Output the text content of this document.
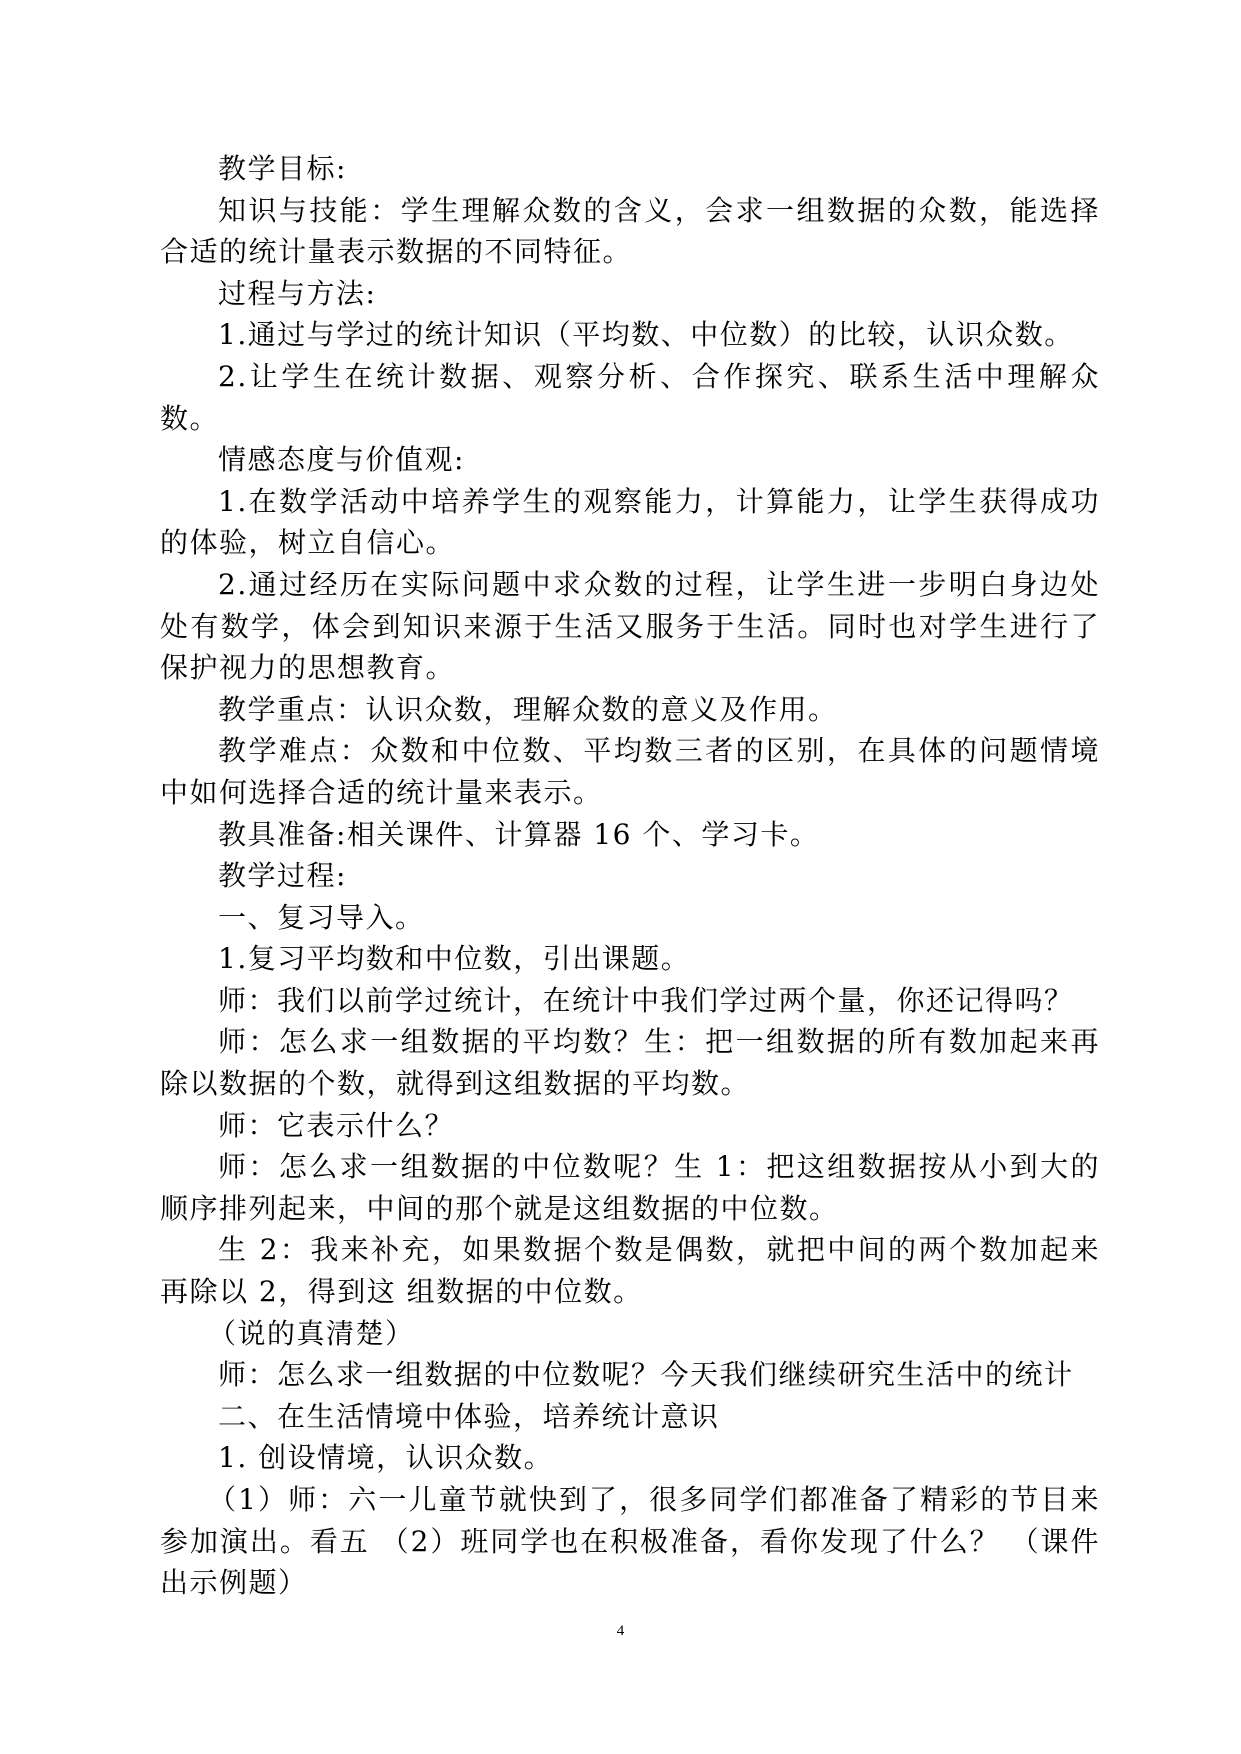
教学目标:

知识与技能：学生理解众数的含义，会求一组数据的众数，能选择合适的统计量表示数据的不同特征。

过程与方法:

1.通过与学过的统计知识（平均数、中位数）的比较，认识众数。

2.让学生在统计数据、观察分析、合作探究、联系生活中理解众数。

情感态度与价值观:

1.在数学活动中培养学生的观察能力，计算能力，让学生获得成功的体验，树立自信心。

2.通过经历在实际问题中求众数的过程，让学生进一步明白身边处处有数学，体会到知识来源于生活又服务于生活。同时也对学生进行了保护视力的思想教育。

教学重点：认识众数，理解众数的意义及作用。

教学难点：众数和中位数、平均数三者的区别，在具体的问题情境中如何选择合适的统计量来表示。

教具准备:相关课件、计算器 16 个、学习卡。

教学过程:

一、复习导入。

1.复习平均数和中位数，引出课题。

师：我们以前学过统计，在统计中我们学过两个量，你还记得吗？

师：怎么求一组数据的平均数？生：把一组数据的所有数加起来再除以数据的个数，就得到这组数据的平均数。

师：它表示什么？

师：怎么求一组数据的中位数呢？生 1：把这组数据按从小到大的顺序排列起来，中间的那个就是这组数据的中位数。

生 2：我来补充，如果数据个数是偶数，就把中间的两个数加起来再除以 2，得到这 组数据的中位数。

（说的真清楚）

师：怎么求一组数据的中位数呢？今天我们继续研究生活中的统计

二、在生活情境中体验，培养统计意识

1. 创设情境，认识众数。

（1）师：六一儿童节就快到了，很多同学们都准备了精彩的节目来参加演出。看五 （2）班同学也在积极准备，看你发现了什么？ （课件出示例题）

4
